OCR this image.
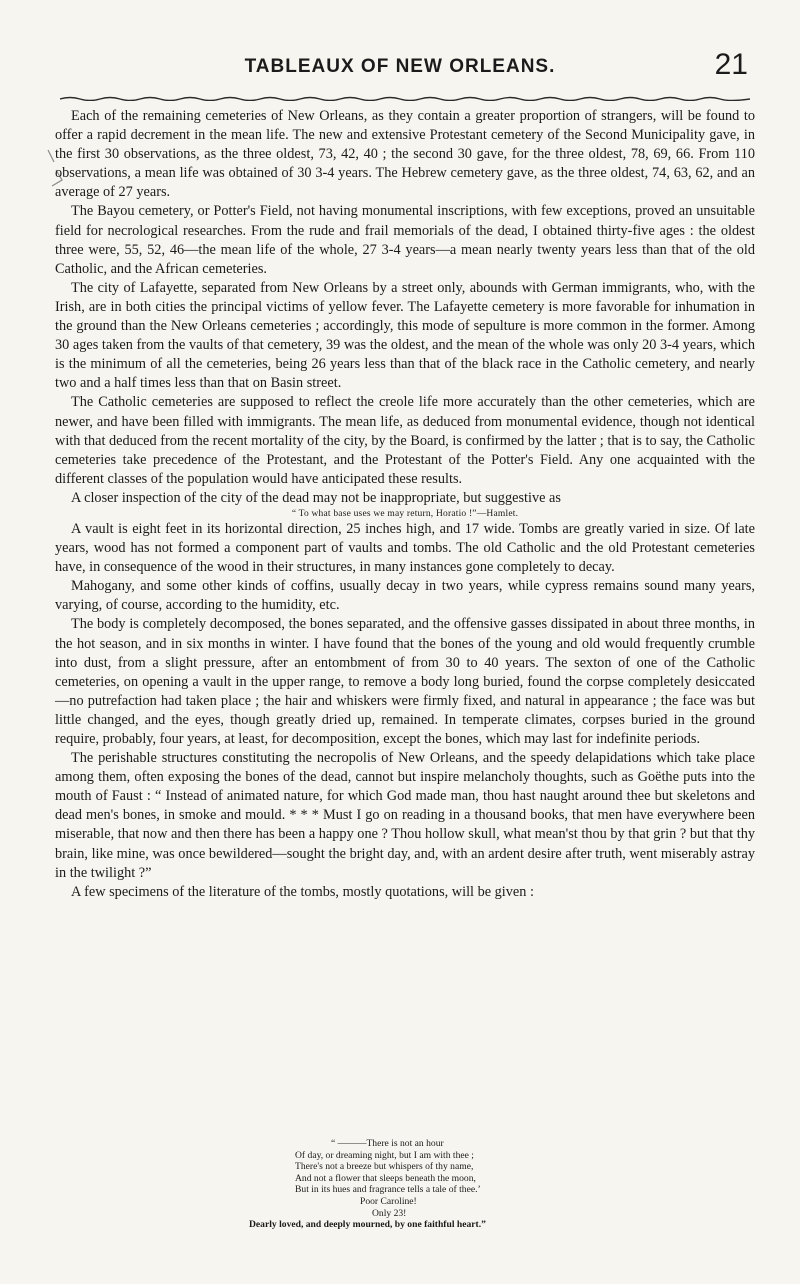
TABLEAUX OF NEW ORLEANS.	21

Each of the remaining cemeteries of New Orleans, as they contain a greater proportion of strangers, will be found to offer a rapid decrement in the mean life. The new and extensive Protestant cemetery of the Second Municipality gave, in the first 30 observations, as the three oldest, 73, 42, 40 ; the second 30 gave, for the three oldest, 78, 69, 66. From 110 observations, a mean life was obtained of 30 3-4 years. The Hebrew cemetery gave, as the three oldest, 74, 63, 62, and an average of 27 years.

The Bayou cemetery, or Potter's Field, not having monumental inscriptions, with few exceptions, proved an unsuitable field for necrological researches. From the rude and frail memorials of the dead, I obtained thirty-five ages : the oldest three were, 55, 52, 46—the mean life of the whole, 27 3-4 years—a mean nearly twenty years less than that of the old Catholic, and the African cemeteries.

The city of Lafayette, separated from New Orleans by a street only, abounds with German immigrants, who, with the Irish, are in both cities the principal victims of yellow fever. The Lafayette cemetery is more favorable for inhumation in the ground than the New Orleans cemeteries ; accordingly, this mode of sepulture is more common in the former. Among 30 ages taken from the vaults of that cemetery, 39 was the oldest, and the mean of the whole was only 20 3-4 years, which is the minimum of all the cemeteries, being 26 years less than that of the black race in the Catholic cemetery, and nearly two and a half times less than that on Basin street.

The Catholic cemeteries are supposed to reflect the creole life more accurately than the other cemeteries, which are newer, and have been filled with immigrants. The mean life, as deduced from monumental evidence, though not identical with that deduced from the recent mortality of the city, by the Board, is confirmed by the latter ; that is to say, the Catholic cemeteries take precedence of the Protestant, and the Protestant of the Potter's Field. Any one acquainted with the different classes of the population would have anticipated these results.

A closer inspection of the city of the dead may not be inappropriate, but suggestive as

“ To what base uses we may return, Horatio !”—Hamlet.

A vault is eight feet in its horizontal direction, 25 inches high, and 17 wide. Tombs are greatly varied in size. Of late years, wood has not formed a component part of vaults and tombs. The old Catholic and the old Protestant cemeteries have, in consequence of the wood in their structures, in many instances gone completely to decay.

Mahogany, and some other kinds of coffins, usually decay in two years, while cypress remains sound many years, varying, of course, according to the humidity, etc.

The body is completely decomposed, the bones separated, and the offensive gasses dissipated in about three months, in the hot season, and in six months in winter. I have found that the bones of the young and old would frequently crumble into dust, from a slight pressure, after an entombment of from 30 to 40 years. The sexton of one of the Catholic cemeteries, on opening a vault in the upper range, to remove a body long buried, found the corpse completely desiccated—no putrefaction had taken place ; the hair and whiskers were firmly fixed, and natural in appearance ; the face was but little changed, and the eyes, though greatly dried up, remained. In temperate climates, corpses buried in the ground require, probably, four years, at least, for decomposition, except the bones, which may last for indefinite periods.

The perishable structures constituting the necropolis of New Orleans, and the speedy delapidations which take place among them, often exposing the bones of the dead, cannot but inspire melancholy thoughts, such as Goëthe puts into the mouth of Faust : “ Instead of animated nature, for which God made man, thou hast naught around thee but skeletons and dead men's bones, in smoke and mould. * * * Must I go on reading in a thousand books, that men have everywhere been miserable, that now and then there has been a happy one ? Thou hollow skull, what mean'st thou by that grin ? but that thy brain, like mine, was once bewildered—sought the bright day, and, with an ardent desire after truth, went miserably astray in the twilight ?”

A few specimens of the literature of the tombs, mostly quotations, will be given :

“ ———There is not an hour
Of day, or dreaming night, but I am with thee ;
There's not a breeze but whispers of thy name,
And not a flower that sleeps beneath the moon,
But in its hues and fragrance tells a tale of thee.’
Poor Caroline!
Only 23!
Dearly loved, and deeply mourned, by one faithful heart.”
